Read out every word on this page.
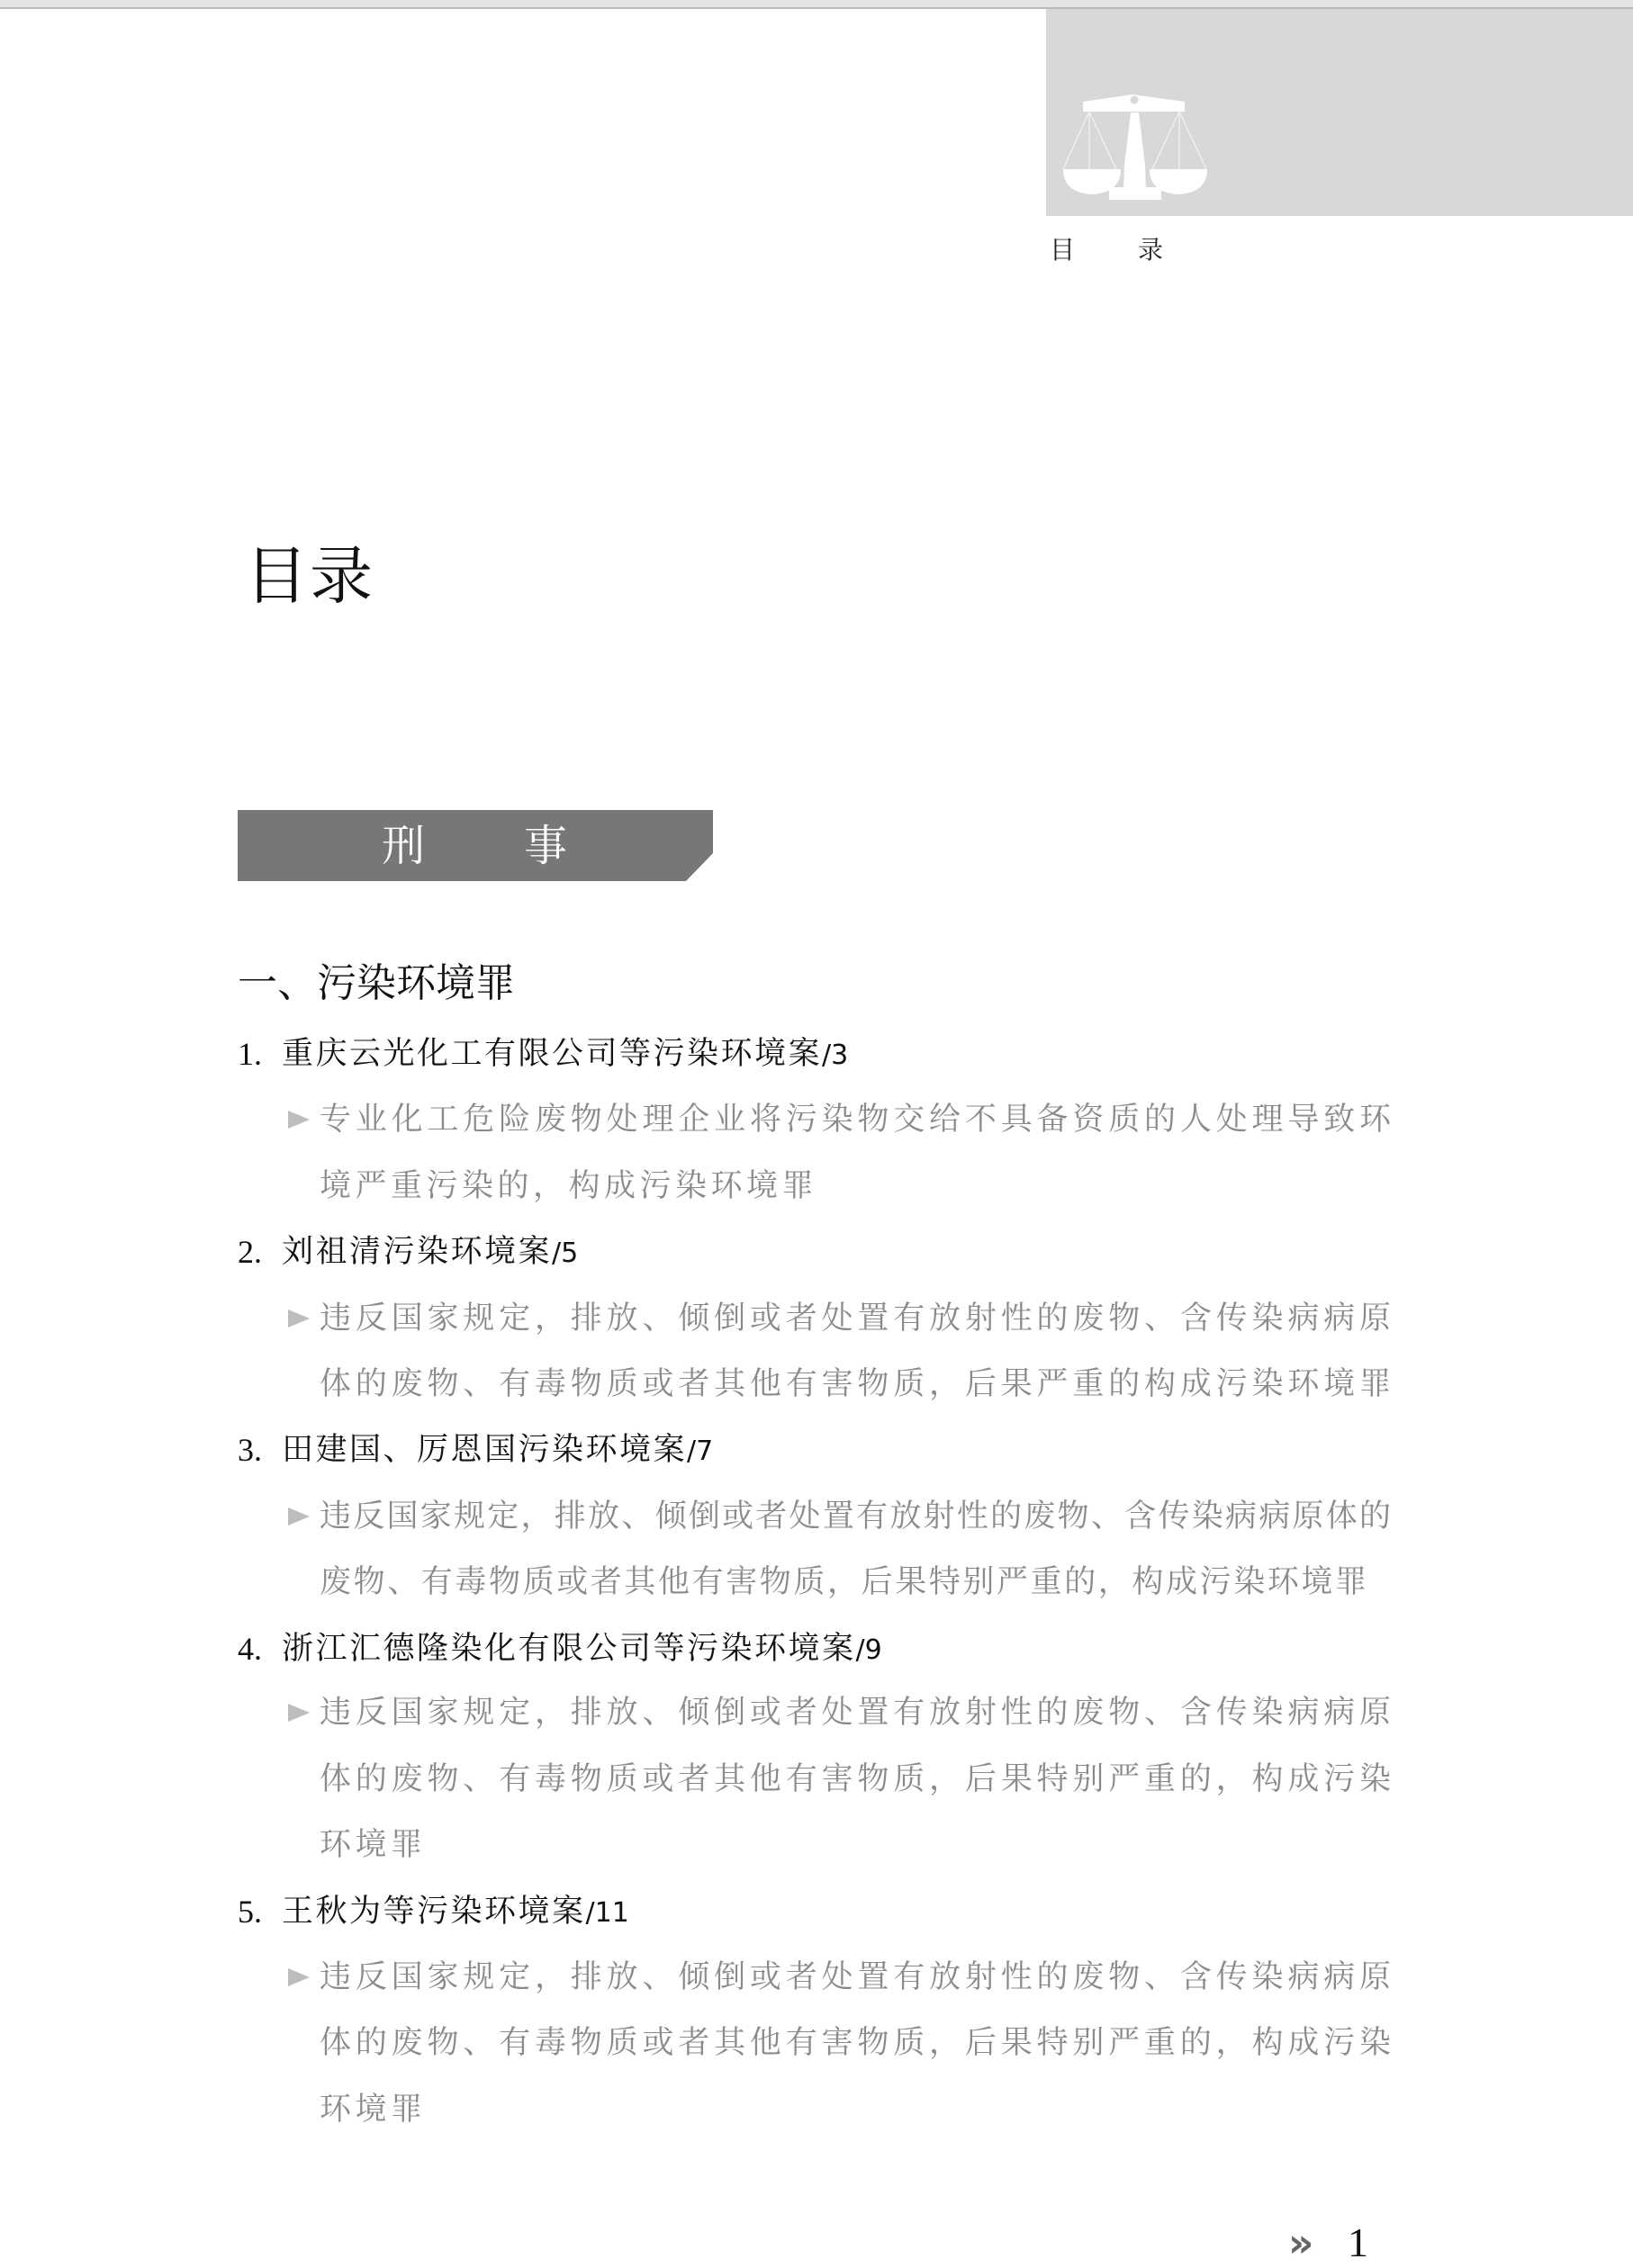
目 录
目录
刑 事
一、污染环境罪
1. 重庆云光化工有限公司等污染环境案/3
专业化工危险废物处理企业将污染物交给不具备资质的人处理导致环
境严重污染的，构成污染环境罪
2. 刘祖清污染环境案/5
违反国家规定，排放、倾倒或者处置有放射性的废物、含传染病病原
体的废物、有毒物质或者其他有害物质，后果严重的构成污染环境罪
3. 田建国、厉恩国污染环境案/7
违反国家规定，排放、倾倒或者处置有放射性的废物、含传染病病原体的
废物、有毒物质或者其他有害物质，后果特别严重的，构成污染环境罪
4. 浙江汇德隆染化有限公司等污染环境案/9
违反国家规定，排放、倾倒或者处置有放射性的废物、含传染病病原
体的废物、有毒物质或者其他有害物质，后果特别严重的，构成污染
环境罪
5. 王秋为等污染环境案/11
违反国家规定，排放、倾倒或者处置有放射性的废物、含传染病病原
体的废物、有毒物质或者其他有害物质，后果特别严重的，构成污染
环境罪
» 1
